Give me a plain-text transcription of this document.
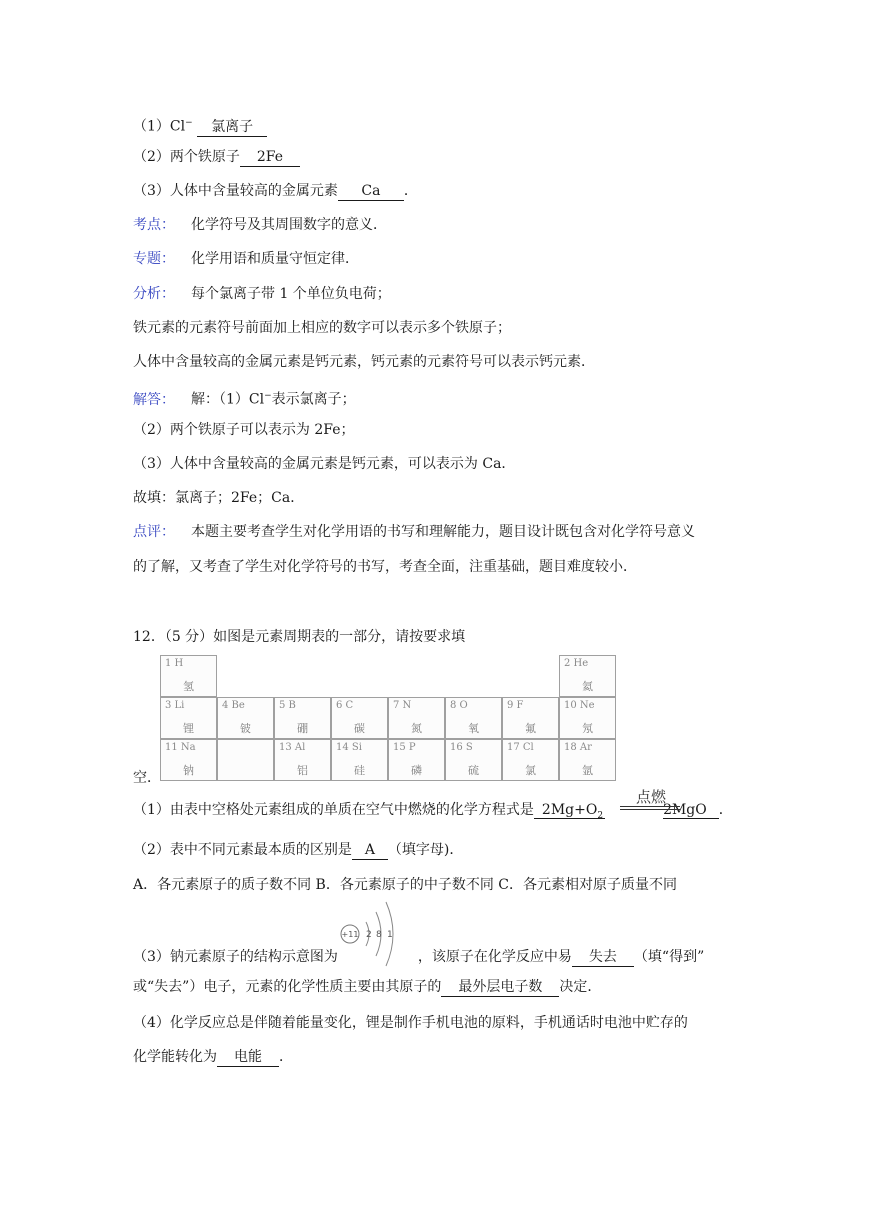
（1）Cl− 氯离子
（2）两个铁原子 2Fe
（3）人体中含量较高的金属元素 Ca ．
考点： 化学符号及其周围数字的意义．
专题： 化学用语和质量守恒定律．
分析： 每个氯离子带 1 个单位负电荷；
铁元素的元素符号前面加上相应的数字可以表示多个铁原子；
人体中含量较高的金属元素是钙元素，钙元素的元素符号可以表示钙元素．
解答： 解：（1）Cl−表示氯离子；
（2）两个铁原子可以表示为 2Fe；
（3）人体中含量较高的金属元素是钙元素，可以表示为 Ca．
故填：氯离子；2Fe；Ca．
点评： 本题主要考查学生对化学用语的书写和理解能力，题目设计既包含对化学符号意义
的了解，又考查了学生对化学符号的书写，考查全面，注重基础，题目难度较小．
12．（5 分）如图是元素周期表的一部分，请按要求填
1 H
氢
2 He
氦
3 Li
锂
4 Be
铍
5 B
硼
6 C
碳
7 N
氮
8 O
氧
9 F
氟
10 Ne
氖
11 Na
钠
13 Al
铝
14 Si
硅
15 P
磷
16 S
硫
17 Cl
氯
18 Ar
氩
空．
（1）由表中空格处元素组成的单质在空气中燃烧的化学方程式是 $2Mg+O_2$	2MgO ．
点燃
（2）表中不同元素最本质的区别是 A （填字母)．
A．各元素原子的质子数不同 B．各元素原子的中子数不同 C．各元素相对原子质量不同
+11 2 8 1
（3）钠元素原子的结构示意图为	，该原子在化学反应中易 失去 （填“得到”
或“失去”）电子，元素的化学性质主要由其原子的 最外层电子数 决定．
（4）化学反应总是伴随着能量变化，锂是制作手机电池的原料，手机通话时电池中贮存的
化学能转化为 电能 ．
